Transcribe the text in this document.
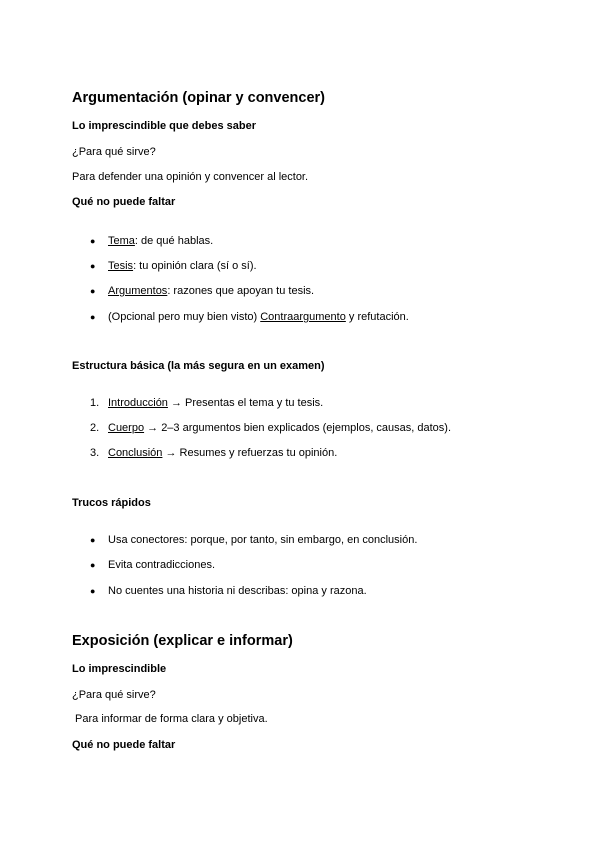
Argumentación (opinar y convencer)
Lo imprescindible que debes saber
¿Para qué sirve?
Para defender una opinión y convencer al lector.
Qué no puede faltar
● Tema: de qué hablas.
● Tesis: tu opinión clara (sí o sí).
● Argumentos: razones que apoyan tu tesis.
● (Opcional pero muy bien visto) Contraargumento y refutación.
Estructura básica (la más segura en un examen)
1. Introducción → Presentas el tema y tu tesis.
2. Cuerpo → 2–3 argumentos bien explicados (ejemplos, causas, datos).
3. Conclusión → Resumes y refuerzas tu opinión.
Trucos rápidos
● Usa conectores: porque, por tanto, sin embargo, en conclusión.
● Evita contradicciones.
● No cuentes una historia ni describas: opina y razona.
Exposición (explicar e informar)
Lo imprescindible
¿Para qué sirve?
Para informar de forma clara y objetiva.
Qué no puede faltar
